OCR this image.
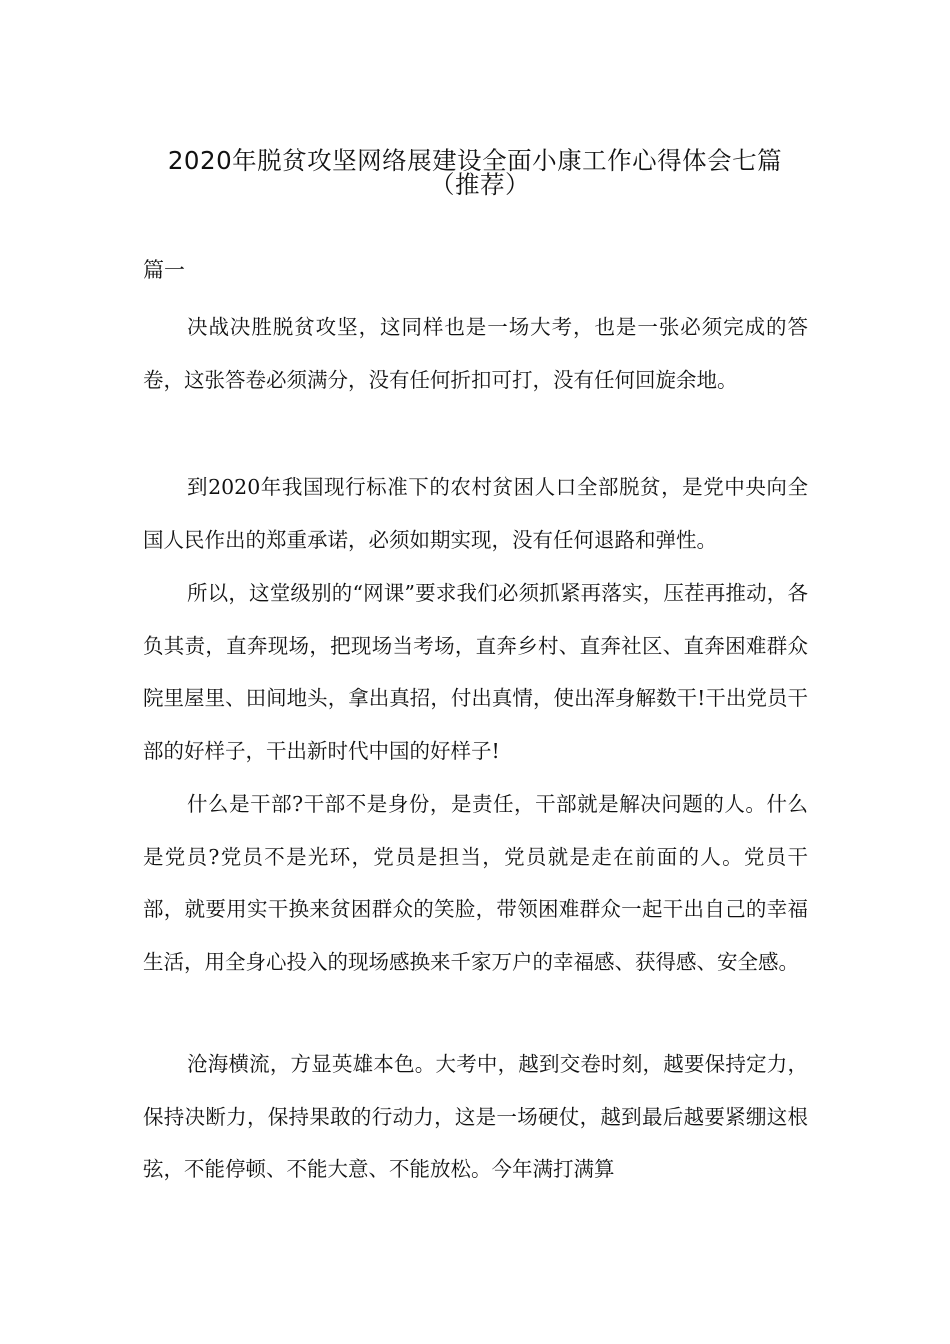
2020年脱贫攻坚网络展建设全面小康工作心得体会七篇
（推荐）
篇一

决战决胜脱贫攻坚，这同样也是一场大考，也是一张必须完成的答卷，这张答卷必须满分，没有任何折扣可打，没有任何回旋余地。

到2020年我国现行标准下的农村贫困人口全部脱贫，是党中央向全国人民作出的郑重承诺，必须如期实现，没有任何退路和弹性。

所以，这堂级别的“网课”要求我们必须抓紧再落实，压茬再推动，各负其责，直奔现场，把现场当考场，直奔乡村、直奔社区、直奔困难群众院里屋里、田间地头，拿出真招，付出真情，使出浑身解数干!干出党员干部的好样子，干出新时代中国的好样子!

什么是干部?干部不是身份，是责任，干部就是解决问题的人。什么是党员?党员不是光环，党员是担当，党员就是走在前面的人。党员干部，就要用实干换来贫困群众的笑脸，带领困难群众一起干出自己的幸福生活，用全身心投入的现场感换来千家万户的幸福感、获得感、安全感。

沧海横流，方显英雄本色。大考中，越到交卷时刻，越要保持定力，保持决断力，保持果敢的行动力，这是一场硬仗，越到最后越要紧绷这根弦，不能停顿、不能大意、不能放松。今年满打满算
